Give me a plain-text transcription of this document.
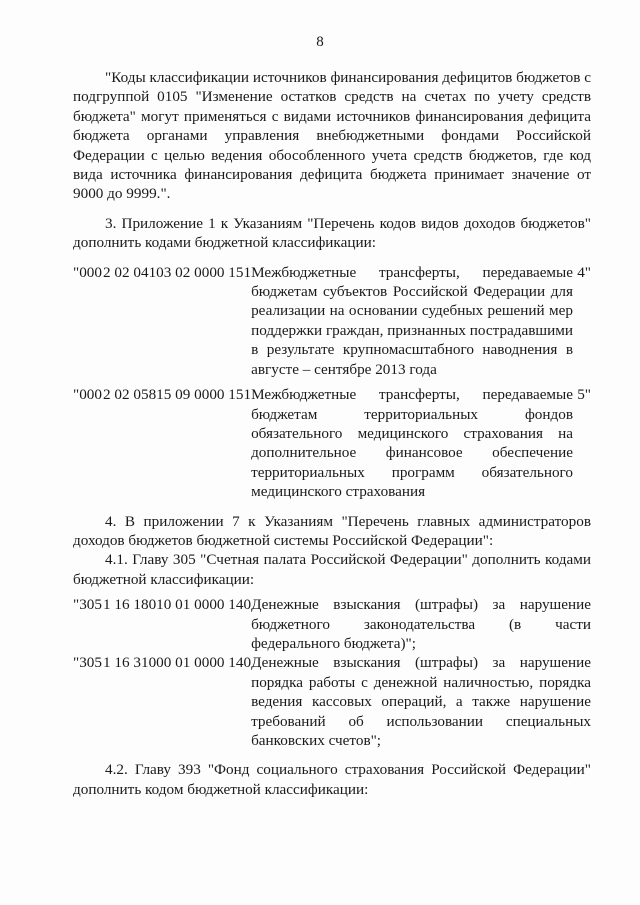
8

"Коды классификации источников финансирования дефицитов бюджетов с подгруппой 0105 "Изменение остатков средств на счетах по учету средств бюджета" могут применяться с видами источников финансирования дефицита бюджета органами управления внебюджетными фондами Российской Федерации с целью ведения обособленного учета средств бюджетов, где код вида источника финансирования дефицита бюджета принимает значение от 9000 до 9999.".

3. Приложение 1 к Указаниям "Перечень кодов видов доходов бюджетов" дополнить кодами бюджетной классификации:

"000	2 02 04103 02 0000 151	Межбюджетные трансферты, передаваемые бюджетам субъектов Российской Федерации для реализации на основании судебных решений мер поддержки граждан, признанных пострадавшими в результате крупномасштабного наводнения в августе – сентябре 2013 года	4"

"000	2 02 05815 09 0000 151	Межбюджетные трансферты, передаваемые бюджетам территориальных фондов обязательного медицинского страхования на дополнительное финансовое обеспечение территориальных программ обязательного медицинского страхования	5"

4. В приложении 7 к Указаниям "Перечень главных администраторов доходов бюджетов бюджетной системы Российской Федерации":

4.1. Главу 305 "Счетная палата Российской Федерации" дополнить кодами бюджетной классификации:

"305	1 16 18010 01 0000 140	Денежные взыскания (штрафы) за нарушение бюджетного законодательства (в части федерального бюджета)";
"305	1 16 31000 01 0000 140	Денежные взыскания (штрафы) за нарушение порядка работы с денежной наличностью, порядка ведения кассовых операций, а также нарушение требований об использовании специальных банковских счетов";

4.2. Главу 393 "Фонд социального страхования Российской Федерации" дополнить кодом бюджетной классификации:
